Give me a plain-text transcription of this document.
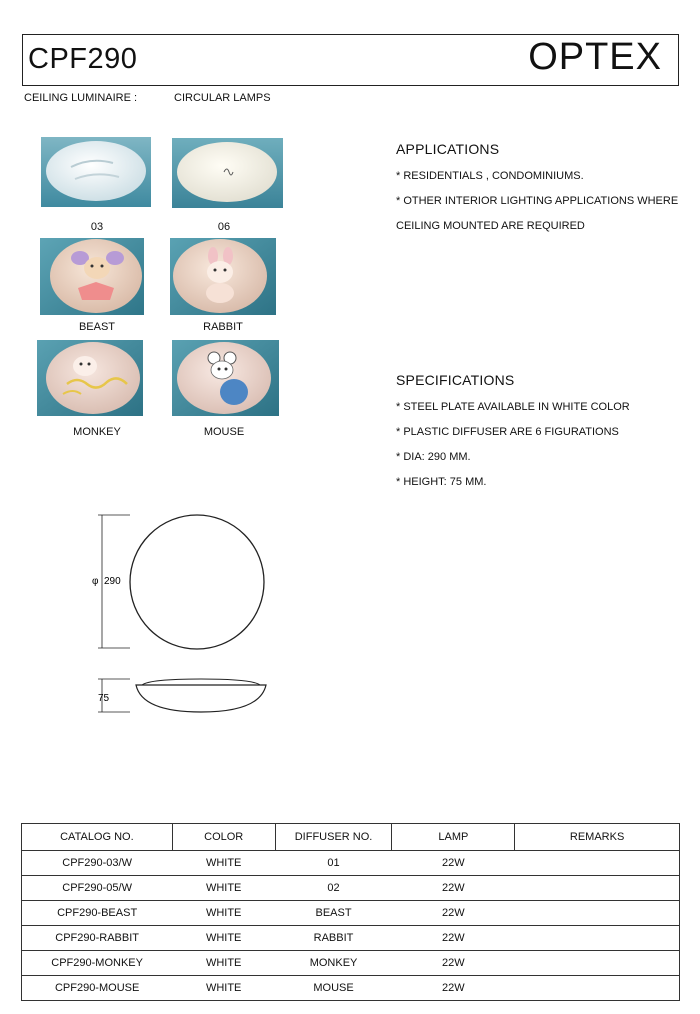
CPF290	OPTEX
CEILING LUMINAIRE :	CIRCULAR LAMPS
03	06
BEAST	RABBIT
MONKEY	MOUSE
APPLICATIONS
* RESIDENTIALS , CONDOMINIUMS.
* OTHER INTERIOR LIGHTING APPLICATIONS WHERE
CEILING MOUNTED ARE REQUIRED
SPECIFICATIONS
* STEEL PLATE AVAILABLE IN WHITE COLOR
* PLASTIC DIFFUSER ARE 6 FIGURATIONS
* DIA: 290 MM.
* HEIGHT: 75 MM.
φ 290
75
CATALOG NO.	COLOR	DIFFUSER NO.	LAMP	REMARKS
CPF290-03/W	WHITE	01	22W	
CPF290-05/W	WHITE	02	22W	
CPF290-BEAST	WHITE	BEAST	22W	
CPF290-RABBIT	WHITE	RABBIT	22W	
CPF290-MONKEY	WHITE	MONKEY	22W	
CPF290-MOUSE	WHITE	MOUSE	22W	
